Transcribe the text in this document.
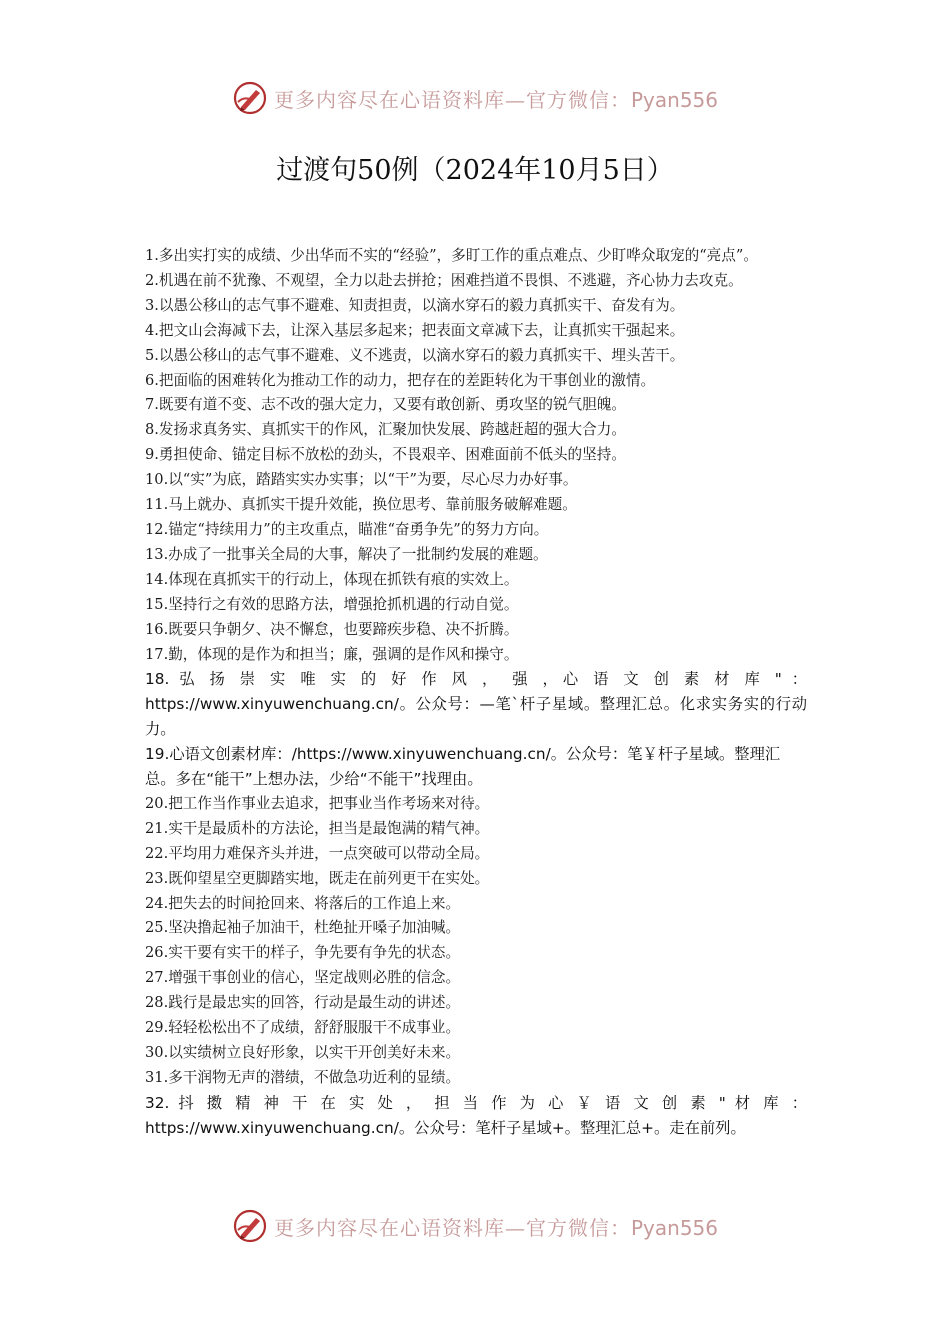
更多内容尽在心语资料库—官方微信：Pyan556
过渡句50例（2024年10月5日）

1.多出实打实的成绩、少出华而不实的“经验”，多盯工作的重点难点、少盯哗众取宠的“亮点”。

2.机遇在前不犹豫、不观望，全力以赴去拼抢；困难挡道不畏惧、不逃避，齐心协力去攻克。

3.以愚公移山的志气事不避难、知责担责，以滴水穿石的毅力真抓实干、奋发有为。

4.把文山会海减下去，让深入基层多起来；把表面文章减下去，让真抓实干强起来。

5.以愚公移山的志气事不避难、义不逃责，以滴水穿石的毅力真抓实干、埋头苦干。

6.把面临的困难转化为推动工作的动力，把存在的差距转化为干事创业的激情。

7.既要有道不变、志不改的强大定力，又要有敢创新、勇攻坚的锐气胆魄。

8.发扬求真务实、真抓实干的作风，汇聚加快发展、跨越赶超的强大合力。

9.勇担使命、锚定目标不放松的劲头，不畏艰辛、困难面前不低头的坚持。

10.以“实”为底，踏踏实实办实事；以“干”为要，尽心尽力办好事。

11.马上就办、真抓实干提升效能，换位思考、靠前服务破解难题。

12.锚定“持续用力”的主攻重点，瞄准“奋勇争先”的努力方向。

13.办成了一批事关全局的大事，解决了一批制约发展的难题。

14.体现在真抓实干的行动上，体现在抓铁有痕的实效上。

15.坚持行之有效的思路方法，增强抢抓机遇的行动自觉。

16.既要只争朝夕、决不懈怠，也要蹄疾步稳、决不折腾。

17.勤，体现的是作为和担当；廉，强调的是作风和操守。

18. 弘 扬 崇 实 唯 实 的 好 作 风 ， 强 ，心 语 文 创 素 材 库 " ： https://www.xinyuwenchuang.cn/。公众号：—笔`杆子星域。整理汇总。化求实务实的行动力。

19.心语文创素材库：/https://www.xinyuwenchuang.cn/。公众号：笔￥杆子星域。整理汇总。多在“能干”上想办法，少给“不能干”找理由。

20.把工作当作事业去追求，把事业当作考场来对待。

21.实干是最质朴的方法论，担当是最饱满的精气神。

22.平均用力难保齐头并进，一点突破可以带动全局。

23.既仰望星空更脚踏实地，既走在前列更干在实处。

24.把失去的时间抢回来、将落后的工作追上来。

25.坚决撸起袖子加油干，杜绝扯开嗓子加油喊。

26.实干要有实干的样子，争先要有争先的状态。

27.增强干事创业的信心，坚定战则必胜的信念。

28.践行是最忠实的回答，行动是最生动的讲述。

29.轻轻松松出不了成绩，舒舒服服干不成事业。

30.以实绩树立良好形象，以实干开创美好未来。

31.多干润物无声的潜绩，不做急功近利的显绩。

32. 抖 擞 精 神 干 在 实 处 ， 担 当 作 为 心 ￥ 语 文 创 素 " 材 库 ： https://www.xinyuwenchuang.cn/。公众号：笔杆子星域+。整理汇总+。走在前列。

更多内容尽在心语资料库—官方微信：Pyan556
